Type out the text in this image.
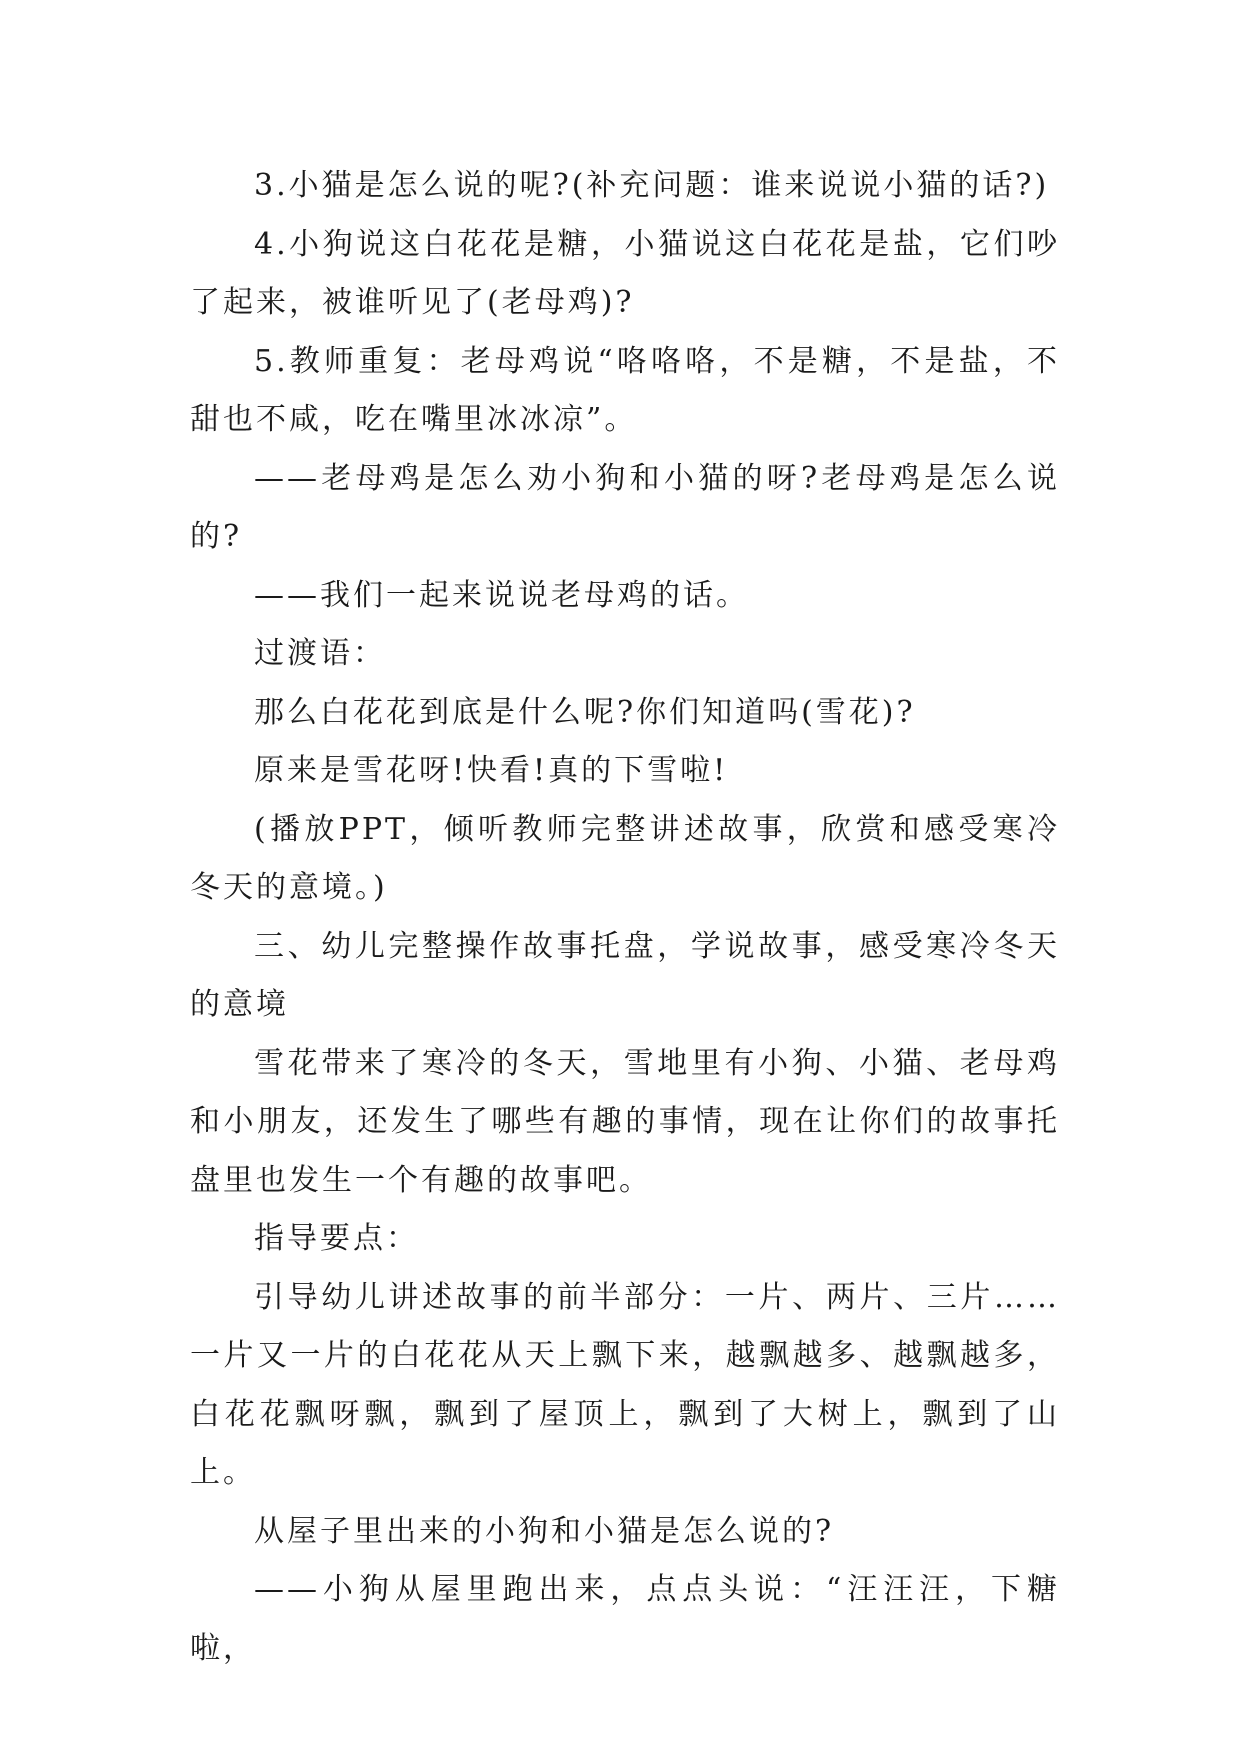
3.小猫是怎么说的呢?(补充问题：谁来说说小猫的话?)

4.小狗说这白花花是糖，小猫说这白花花是盐，它们吵了起来，被谁听见了(老母鸡)?

5.教师重复：老母鸡说“咯咯咯，不是糖，不是盐，不甜也不咸，吃在嘴里冰冰凉”。

——老母鸡是怎么劝小狗和小猫的呀?老母鸡是怎么说的?

——我们一起来说说老母鸡的话。

过渡语：

那么白花花到底是什么呢?你们知道吗(雪花)?

原来是雪花呀!快看!真的下雪啦!

(播放PPT，倾听教师完整讲述故事，欣赏和感受寒冷冬天的意境。)

三、幼儿完整操作故事托盘，学说故事，感受寒冷冬天的意境

雪花带来了寒冷的冬天，雪地里有小狗、小猫、老母鸡和小朋友，还发生了哪些有趣的事情，现在让你们的故事托盘里也发生一个有趣的故事吧。

指导要点：

引导幼儿讲述故事的前半部分：一片、两片、三片……一片又一片的白花花从天上飘下来，越飘越多、越飘越多，白花花飘呀飘，飘到了屋顶上，飘到了大树上，飘到了山上。

从屋子里出来的小狗和小猫是怎么说的?

——小狗从屋里跑出来，点点头说：“汪汪汪，下糖啦，
